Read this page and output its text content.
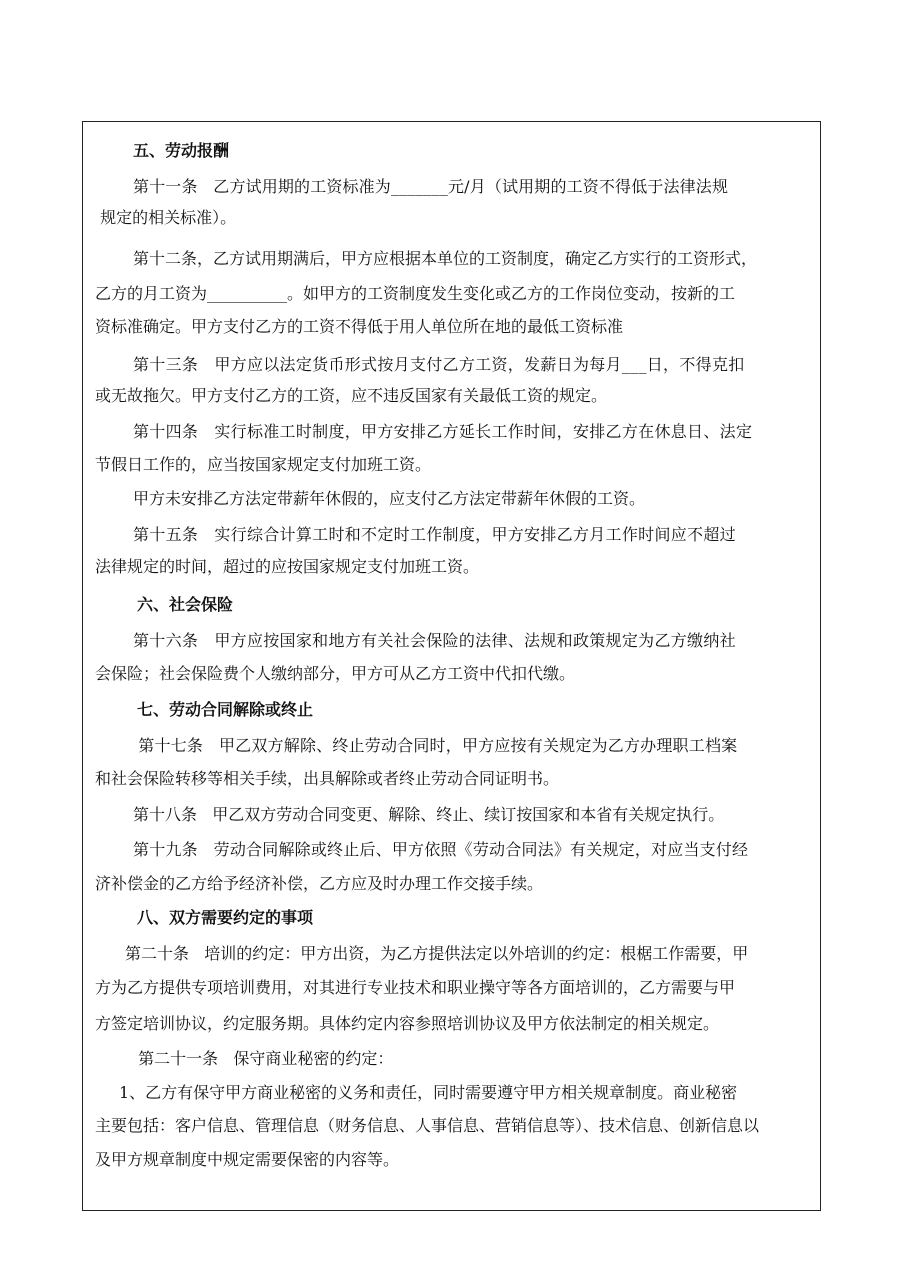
五、劳动报酬
第十一条   乙方试用期的工资标准为_______元/月（试用期的工资不得低于法律法规
规定的相关标准）。
第十二条，乙方试用期满后，甲方应根据本单位的工资制度，确定乙方实行的工资形式，
乙方的月工资为__________。如甲方的工资制度发生变化或乙方的工作岗位变动，按新的工
资标准确定。甲方支付乙方的工资不得低于用人单位所在地的最低工资标准
第十三条   甲方应以法定货币形式按月支付乙方工资，发薪日为每月___日，不得克扣
或无故拖欠。甲方支付乙方的工资，应不违反国家有关最低工资的规定。
第十四条   实行标准工时制度，甲方安排乙方延长工作时间，安排乙方在休息日、法定
节假日工作的，应当按国家规定支付加班工资。
甲方未安排乙方法定带薪年休假的，应支付乙方法定带薪年休假的工资。
第十五条   实行综合计算工时和不定时工作制度，甲方安排乙方月工作时间应不超过
法律规定的时间，超过的应按国家规定支付加班工资。
六、社会保险
第十六条   甲方应按国家和地方有关社会保险的法律、法规和政策规定为乙方缴纳社
会保险；社会保险费个人缴纳部分，甲方可从乙方工资中代扣代缴。
七、劳动合同解除或终止
第十七条   甲乙双方解除、终止劳动合同时，甲方应按有关规定为乙方办理职工档案
和社会保险转移等相关手续，出具解除或者终止劳动合同证明书。
第十八条   甲乙双方劳动合同变更、解除、终止、续订按国家和本省有关规定执行。
第十九条   劳动合同解除或终止后、甲方依照《劳动合同法》有关规定，对应当支付经
济补偿金的乙方给予经济补偿，乙方应及时办理工作交接手续。
八、双方需要约定的事项
第二十条   培训的约定：甲方出资，为乙方提供法定以外培训的约定：根椐工作需要，甲
方为乙方提供专项培训费用，对其进行专业技术和职业操守等各方面培训的，乙方需要与甲
方签定培训协议，约定服务期。具体约定内容参照培训协议及甲方依法制定的相关规定。
第二十一条   保守商业秘密的约定：
1、乙方有保守甲方商业秘密的义务和责任，同时需要遵守甲方相关规章制度。商业秘密
主要包括：客户信息、管理信息（财务信息、人事信息、营销信息等）、技术信息、创新信息以
及甲方规章制度中规定需要保密的内容等。
